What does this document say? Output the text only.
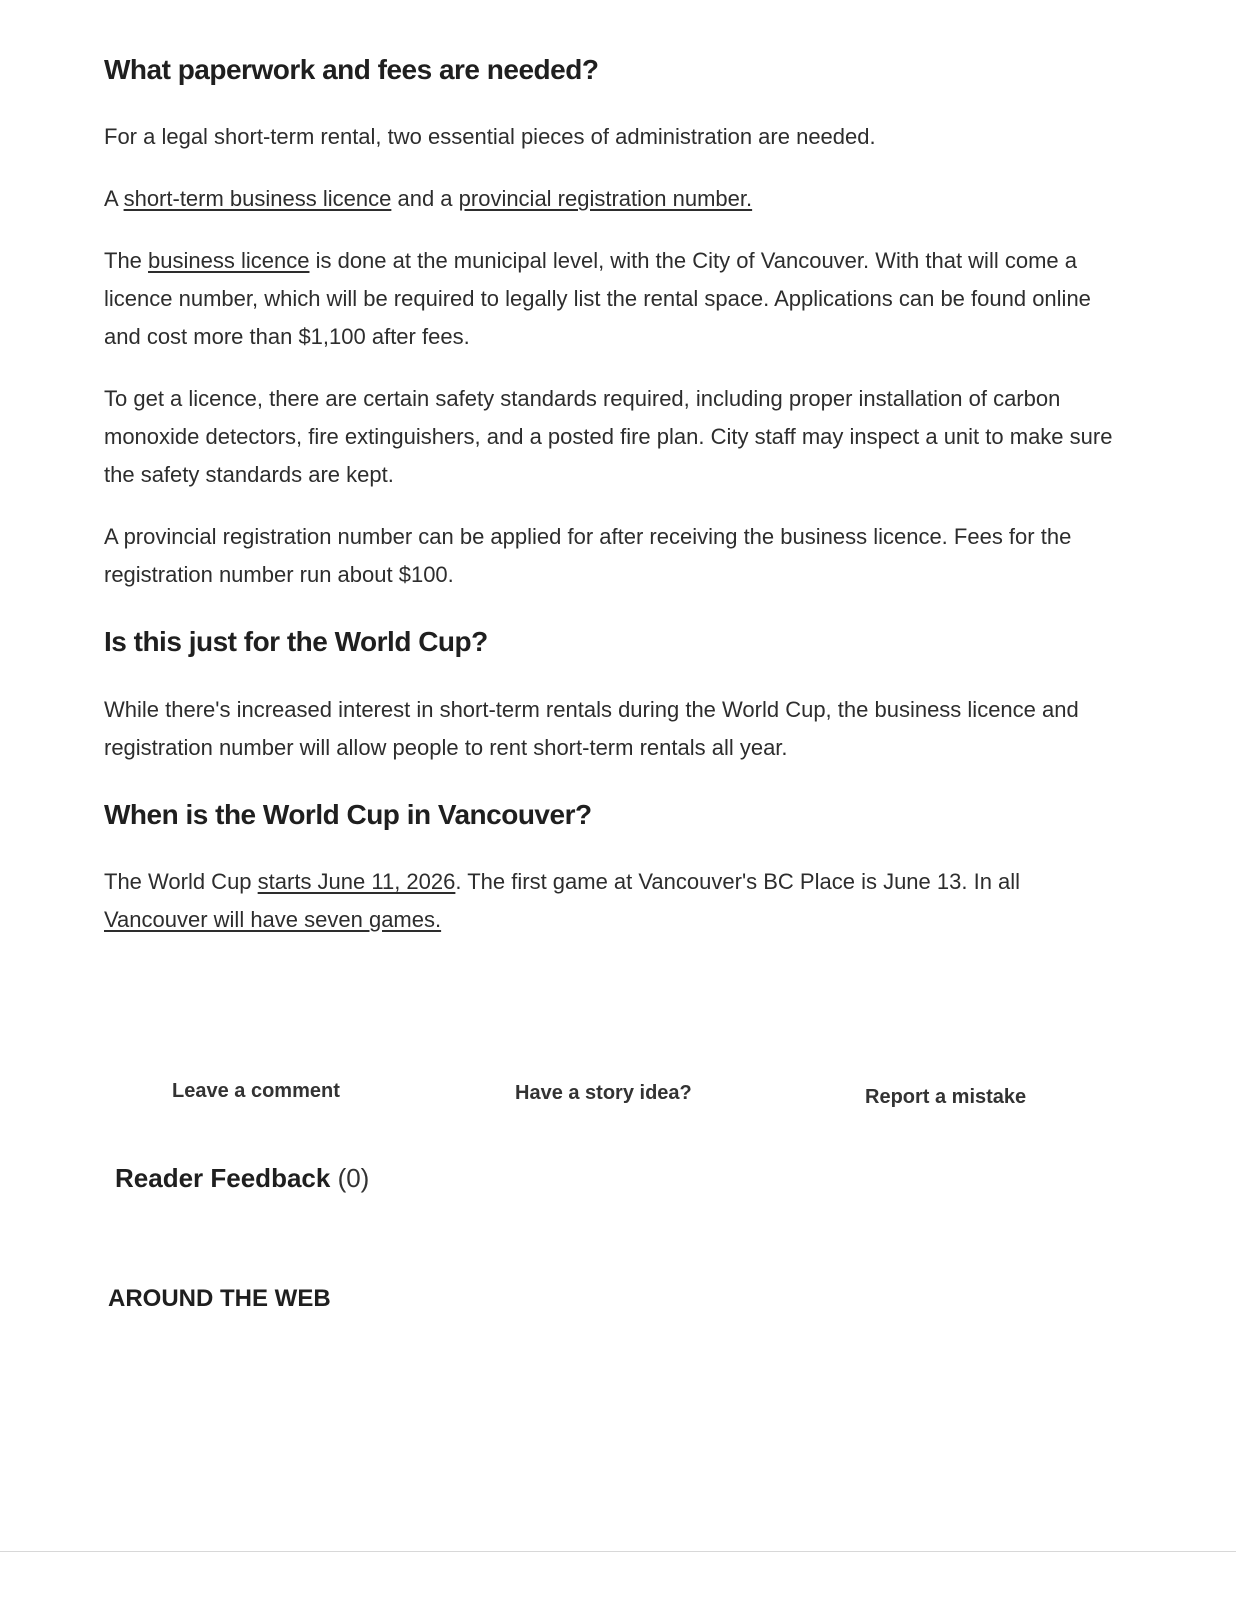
What paperwork and fees are needed?

For a legal short-term rental, two essential pieces of administration are needed.

A short-term business licence and a provincial registration number.

The business licence is done at the municipal level, with the City of Vancouver. With that will come a licence number, which will be required to legally list the rental space. Applications can be found online and cost more than $1,100 after fees.

To get a licence, there are certain safety standards required, including proper installation of carbon monoxide detectors, fire extinguishers, and a posted fire plan. City staff may inspect a unit to make sure the safety standards are kept.

A provincial registration number can be applied for after receiving the business licence. Fees for the registration number run about $100.

Is this just for the World Cup?

While there's increased interest in short-term rentals during the World Cup, the business licence and registration number will allow people to rent short-term rentals all year.

When is the World Cup in Vancouver?

The World Cup starts June 11, 2026. The first game at Vancouver's BC Place is June 13. In all Vancouver will have seven games.

Leave a comment	Have a story idea?	Report a mistake
Reader Feedback (0)
AROUND THE WEB
